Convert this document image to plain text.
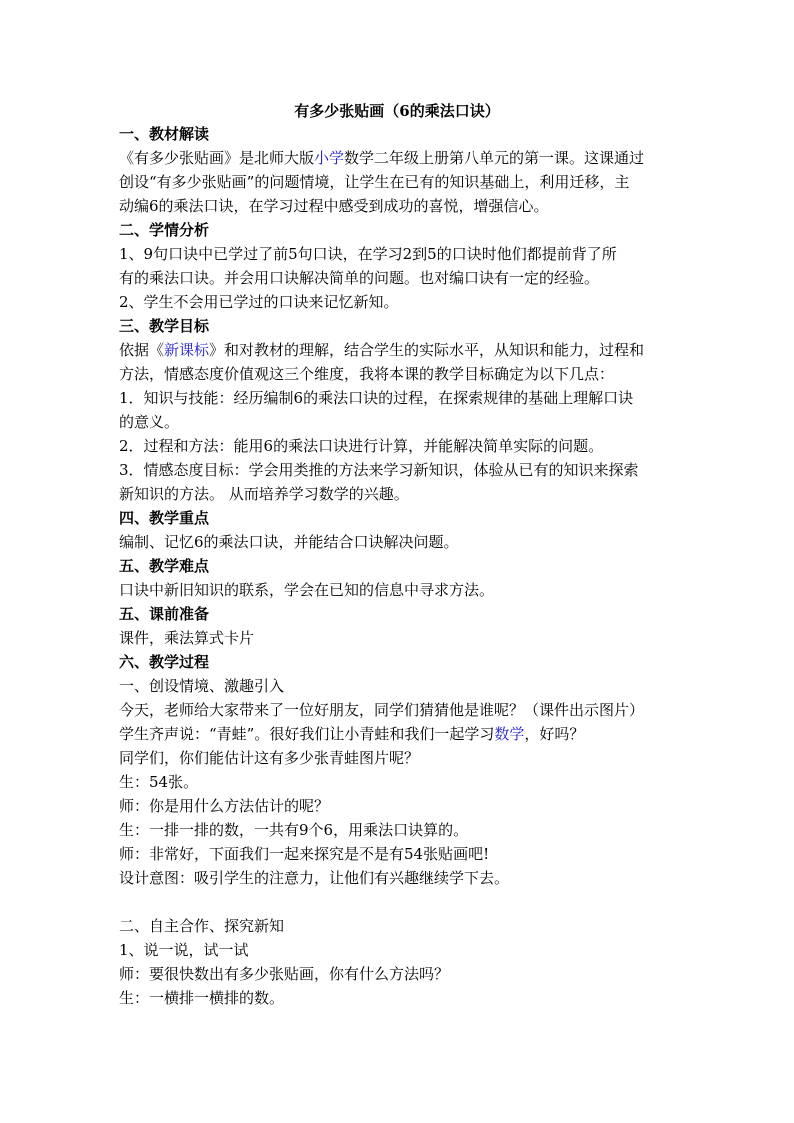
有多少张贴画（6的乘法口诀）
一、教材解读
《有多少张贴画》是北师大版小学数学二年级上册第八单元的第一课。这课通过
创设“有多少张贴画”的问题情境，让学生在已有的知识基础上，利用迁移，主
动编6的乘法口诀，在学习过程中感受到成功的喜悦，增强信心。
二、学情分析
1、9句口诀中已学过了前5句口诀，在学习2到5的口诀时他们都提前背了所
有的乘法口诀。并会用口诀解决简单的问题。也对编口诀有一定的经验。
2、学生不会用已学过的口诀来记忆新知。
三、教学目标
依据《新课标》和对教材的理解，结合学生的实际水平，从知识和能力，过程和
方法，情感态度价值观这三个维度，我将本课的教学目标确定为以下几点：
1．知识与技能：经历编制6的乘法口诀的过程，在探索规律的基础上理解口诀
的意义。
2．过程和方法：能用6的乘法口诀进行计算，并能解决简单实际的问题。
3．情感态度目标：学会用类推的方法来学习新知识，体验从已有的知识来探索
新知识的方法。 从而培养学习数学的兴趣。
四、教学重点
编制、记忆6的乘法口诀，并能结合口诀解决问题。
五、教学难点
口诀中新旧知识的联系，学会在已知的信息中寻求方法。
五、课前准备
课件，乘法算式卡片
六、教学过程
一、创设情境、激趣引入
今天，老师给大家带来了一位好朋友，同学们猜猜他是谁呢？（课件出示图片）
学生齐声说：“青蛙”。很好我们让小青蛙和我们一起学习数学，好吗？
同学们，你们能估计这有多少张青蛙图片呢？
生：54张。
师：你是用什么方法估计的呢？
生：一排一排的数，一共有9个6，用乘法口诀算的。
师：非常好，下面我们一起来探究是不是有54张贴画吧!
设计意图：吸引学生的注意力，让他们有兴趣继续学下去。
二、自主合作、探究新知
1、说一说，试一试
师：要很快数出有多少张贴画，你有什么方法吗？
生：一横排一横排的数。
